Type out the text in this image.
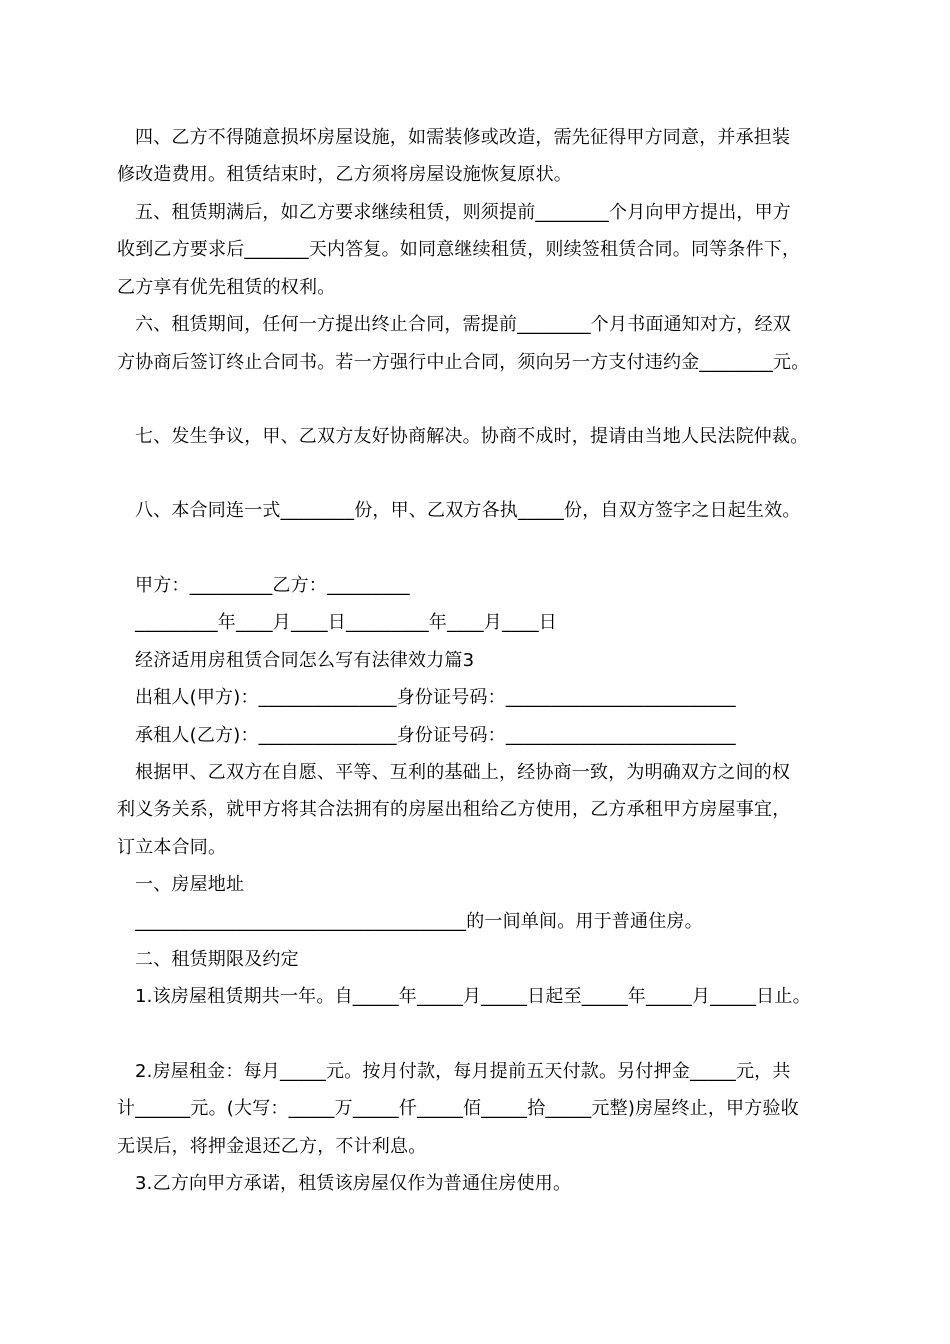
四、乙方不得随意损坏房屋设施，如需装修或改造，需先征得甲方同意，并承担装
修改造费用。租赁结束时，乙方须将房屋设施恢复原状。
五、租赁期满后，如乙方要求继续租赁，则须提前________个月向甲方提出，甲方
收到乙方要求后_______天内答复。如同意继续租赁，则续签租赁合同。同等条件下，
乙方享有优先租赁的权利。
六、租赁期间，任何一方提出终止合同，需提前________个月书面通知对方，经双
方协商后签订终止合同书。若一方强行中止合同，须向另一方支付违约金________元。
七、发生争议，甲、乙双方友好协商解决。协商不成时，提请由当地人民法院仲裁。
八、本合同连一式________份，甲、乙双方各执_____份，自双方签字之日起生效。
甲方：_________乙方：_________
_________年____月____日_________年____月____日
经济适用房租赁合同怎么写有法律效力篇3
出租人(甲方)：_______________身份证号码：_________________________
承租人(乙方)：_______________身份证号码：_________________________
根据甲、乙双方在自愿、平等、互利的基础上，经协商一致，为明确双方之间的权
利义务关系，就甲方将其合法拥有的房屋出租给乙方使用，乙方承租甲方房屋事宜，
订立本合同。
一、房屋地址
____________________________________的一间单间。用于普通住房。
二、租赁期限及约定
1.该房屋租赁期共一年。自_____年_____月_____日起至_____年_____月_____日止。
2.房屋租金：每月_____元。按月付款，每月提前五天付款。另付押金_____元，共
计______元。(大写：_____万_____仟_____佰_____拾_____元整)房屋终止，甲方验收
无误后，将押金退还乙方，不计利息。
3.乙方向甲方承诺，租赁该房屋仅作为普通住房使用。
